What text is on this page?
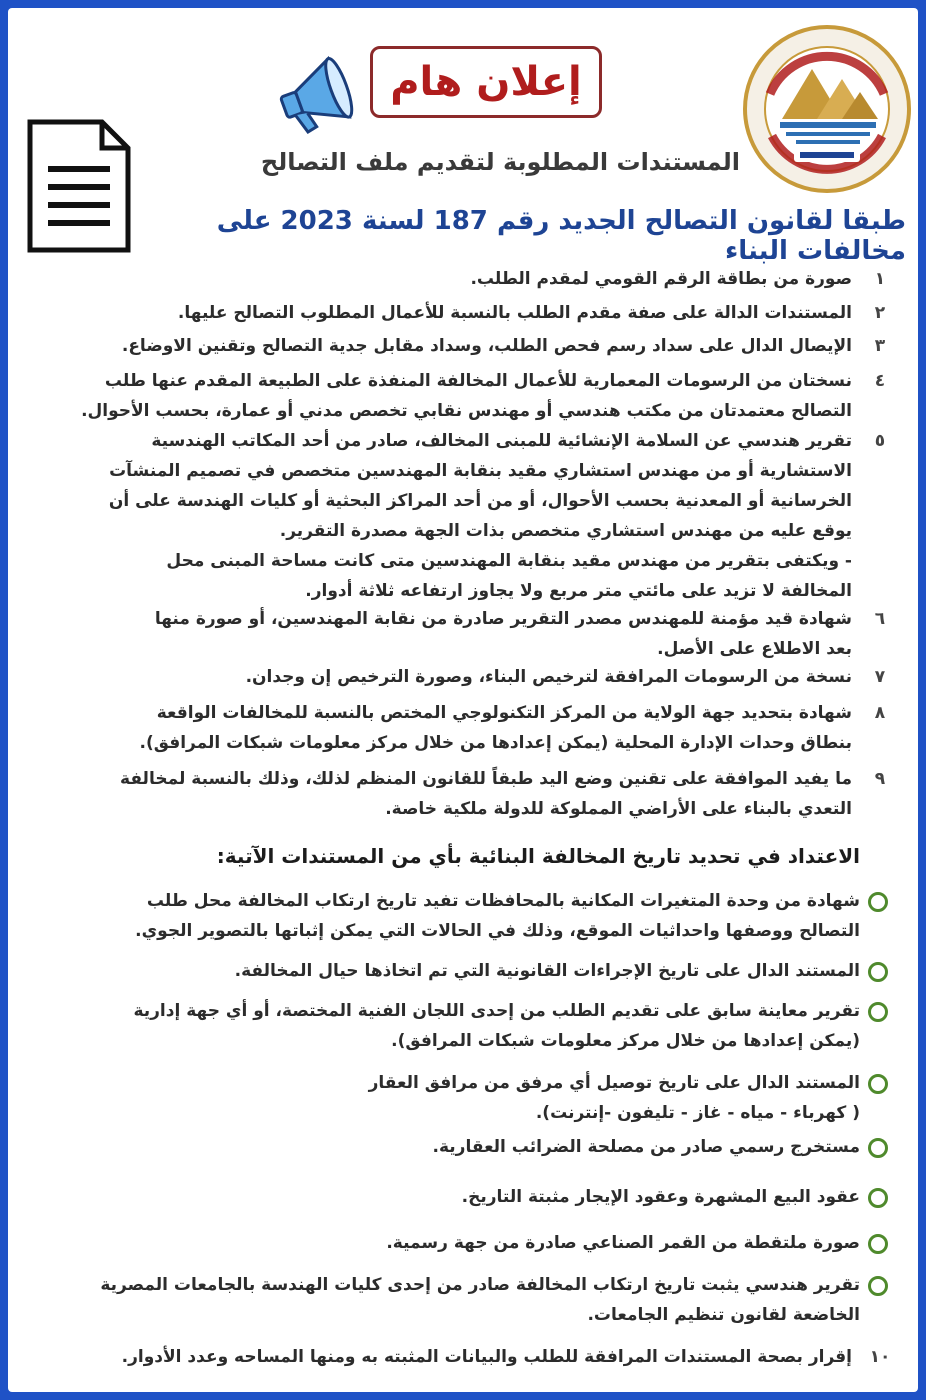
إعلان هام
المستندات المطلوبة لتقديم ملف التصالح
طبقا لقانون التصالح الجديد رقم 187 لسنة 2023 على مخالفات البناء
١
صورة من بطاقة الرقم القومي لمقدم الطلب.
٢
المستندات الدالة على صفة مقدم الطلب بالنسبة للأعمال المطلوب التصالح عليها.
٣
الإيصال الدال على سداد رسم فحص الطلب، وسداد مقابل جدية التصالح وتقنين الاوضاع.
٤
نسختان من الرسومات المعمارية للأعمال المخالفة المنفذة على الطبيعة المقدم عنها طلب
التصالح معتمدتان من مكتب هندسي أو مهندس نقابي تخصص مدني أو عمارة، بحسب الأحوال.
٥
تقرير هندسي عن السلامة الإنشائية للمبنى المخالف، صادر من أحد المكاتب الهندسية
الاستشارية أو من مهندس استشاري مقيد بنقابة المهندسين متخصص في تصميم المنشآت
الخرسانية أو المعدنية بحسب الأحوال، أو من أحد المراكز البحثية أو كليات الهندسة على أن
يوقع عليه من مهندس استشاري متخصص بذات الجهة مصدرة التقرير.
- ويكتفى بتقرير من مهندس مقيد بنقابة المهندسين متى كانت مساحة المبنى محل
المخالفة لا تزيد على مائتي متر مربع ولا يجاوز ارتفاعه ثلاثة أدوار.
٦
شهادة قيد مؤمنة للمهندس مصدر التقرير صادرة من نقابة المهندسين، أو صورة منها
بعد الاطلاع على الأصل.
٧
نسخة من الرسومات المرافقة لترخيص البناء، وصورة الترخيص إن وجدان.
٨
شهادة بتحديد جهة الولاية من المركز التكنولوجي المختص بالنسبة للمخالفات الواقعة
بنطاق وحدات الإدارة المحلية (يمكن إعدادها من خلال مركز معلومات شبكات المرافق).
٩
ما يفيد الموافقة على تقنين وضع اليد طبقاً للقانون المنظم لذلك، وذلك بالنسبة لمخالفة
التعدي بالبناء على الأراضي المملوكة للدولة ملكية خاصة.
الاعتداد في تحديد تاريخ المخالفة البنائية بأي من المستندات الآتية:
شهادة من وحدة المتغيرات المكانية بالمحافظات تفيد تاريخ ارتكاب المخالفة محل طلب
التصالح ووصفها واحداثيات الموقع، وذلك في الحالات التي يمكن إثباتها بالتصوير الجوي.
المستند الدال على تاريخ الإجراءات القانونية التي تم اتخاذها حيال المخالفة.
تقرير معاينة سابق على تقديم الطلب من إحدى اللجان الفنية المختصة، أو أي جهة إدارية
(يمكن إعدادها من خلال مركز معلومات شبكات المرافق).
المستند الدال على تاريخ توصيل أي مرفق من مرافق العقار
( كهرباء - مياه - غاز - تليفون -إنترنت).
مستخرج رسمي صادر من مصلحة الضرائب العقارية.
عقود البيع المشهرة وعقود الإيجار مثبتة التاريخ.
صورة ملتقطة من القمر الصناعي صادرة من جهة رسمية.
تقرير هندسي يثبت تاريخ ارتكاب المخالفة صادر من إحدى كليات الهندسة بالجامعات المصرية
الخاضعة لقانون تنظيم الجامعات.
١٠
إقرار بصحة المستندات المرافقة للطلب والبيانات المثبته به ومنها المساحه وعدد الأدوار.
